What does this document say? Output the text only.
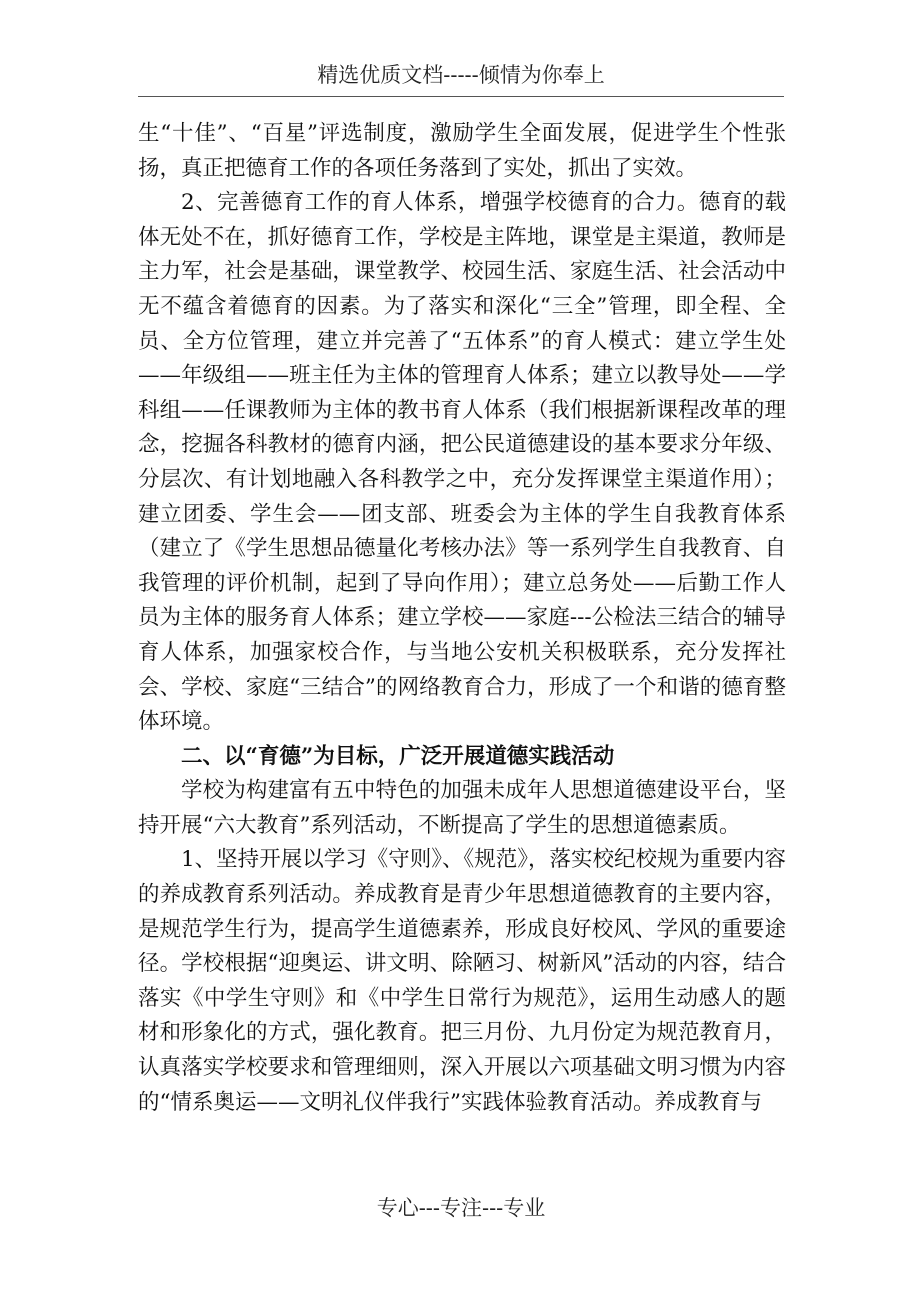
精选优质文档-----倾情为你奉上

生“十佳”、“百星”评选制度，激励学生全面发展，促进学生个性张扬，真正把德育工作的各项任务落到了实处，抓出了实效。

2、完善德育工作的育人体系，增强学校德育的合力。德育的载体无处不在，抓好德育工作，学校是主阵地，课堂是主渠道，教师是主力军，社会是基础，课堂教学、校园生活、家庭生活、社会活动中无不蕴含着德育的因素。为了落实和深化“三全”管理，即全程、全员、全方位管理，建立并完善了“五体系”的育人模式：建立学生处——年级组——班主任为主体的管理育人体系；建立以教导处——学科组——任课教师为主体的教书育人体系（我们根据新课程改革的理念，挖掘各科教材的德育内涵，把公民道德建设的基本要求分年级、分层次、有计划地融入各科教学之中，充分发挥课堂主渠道作用）；建立团委、学生会——团支部、班委会为主体的学生自我教育体系（建立了《学生思想品德量化考核办法》等一系列学生自我教育、自我管理的评价机制，起到了导向作用）；建立总务处——后勤工作人员为主体的服务育人体系；建立学校——家庭---公检法三结合的辅导育人体系，加强家校合作，与当地公安机关积极联系，充分发挥社会、学校、家庭“三结合”的网络教育合力，形成了一个和谐的德育整体环境。

二、以“育德”为目标，广泛开展道德实践活动

学校为构建富有五中特色的加强未成年人思想道德建设平台，坚持开展“六大教育”系列活动，不断提高了学生的思想道德素质。

1、坚持开展以学习《守则》、《规范》，落实校纪校规为重要内容的养成教育系列活动。养成教育是青少年思想道德教育的主要内容，是规范学生行为，提高学生道德素养，形成良好校风、学风的重要途径。学校根据“迎奥运、讲文明、除陋习、树新风”活动的内容，结合落实《中学生守则》和《中学生日常行为规范》，运用生动感人的题材和形象化的方式，强化教育。把三月份、九月份定为规范教育月，认真落实学校要求和管理细则，深入开展以六项基础文明习惯为内容的“情系奥运——文明礼仪伴我行”实践体验教育活动。养成教育与

专心---专注---专业
